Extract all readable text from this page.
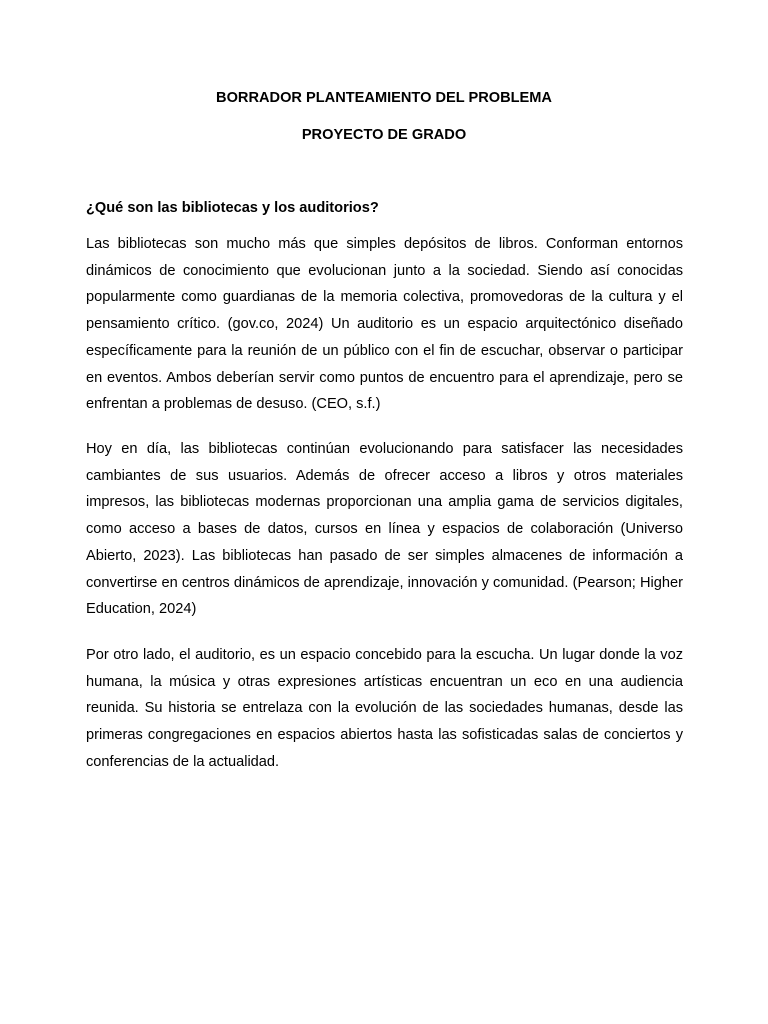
BORRADOR PLANTEAMIENTO DEL PROBLEMA
PROYECTO DE GRADO
¿Qué son las bibliotecas y los auditorios?

Las bibliotecas son mucho más que simples depósitos de libros. Conforman entornos dinámicos de conocimiento que evolucionan junto a la sociedad. Siendo así conocidas popularmente como guardianas de la memoria colectiva, promovedoras de la cultura y el pensamiento crítico. (gov.co, 2024) Un auditorio es un espacio arquitectónico diseñado específicamente para la reunión de un público con el fin de escuchar, observar o participar en eventos. Ambos deberían servir como puntos de encuentro para el aprendizaje, pero se enfrentan a problemas de desuso. (CEO, s.f.)

Hoy en día, las bibliotecas continúan evolucionando para satisfacer las necesidades cambiantes de sus usuarios. Además de ofrecer acceso a libros y otros materiales impresos, las bibliotecas modernas proporcionan una amplia gama de servicios digitales, como acceso a bases de datos, cursos en línea y espacios de colaboración (Universo Abierto, 2023). Las bibliotecas han pasado de ser simples almacenes de información a convertirse en centros dinámicos de aprendizaje, innovación y comunidad. (Pearson; Higher Education, 2024)

Por otro lado, el auditorio, es un espacio concebido para la escucha. Un lugar donde la voz humana, la música y otras expresiones artísticas encuentran un eco en una audiencia reunida. Su historia se entrelaza con la evolución de las sociedades humanas, desde las primeras congregaciones en espacios abiertos hasta las sofisticadas salas de conciertos y conferencias de la actualidad.
